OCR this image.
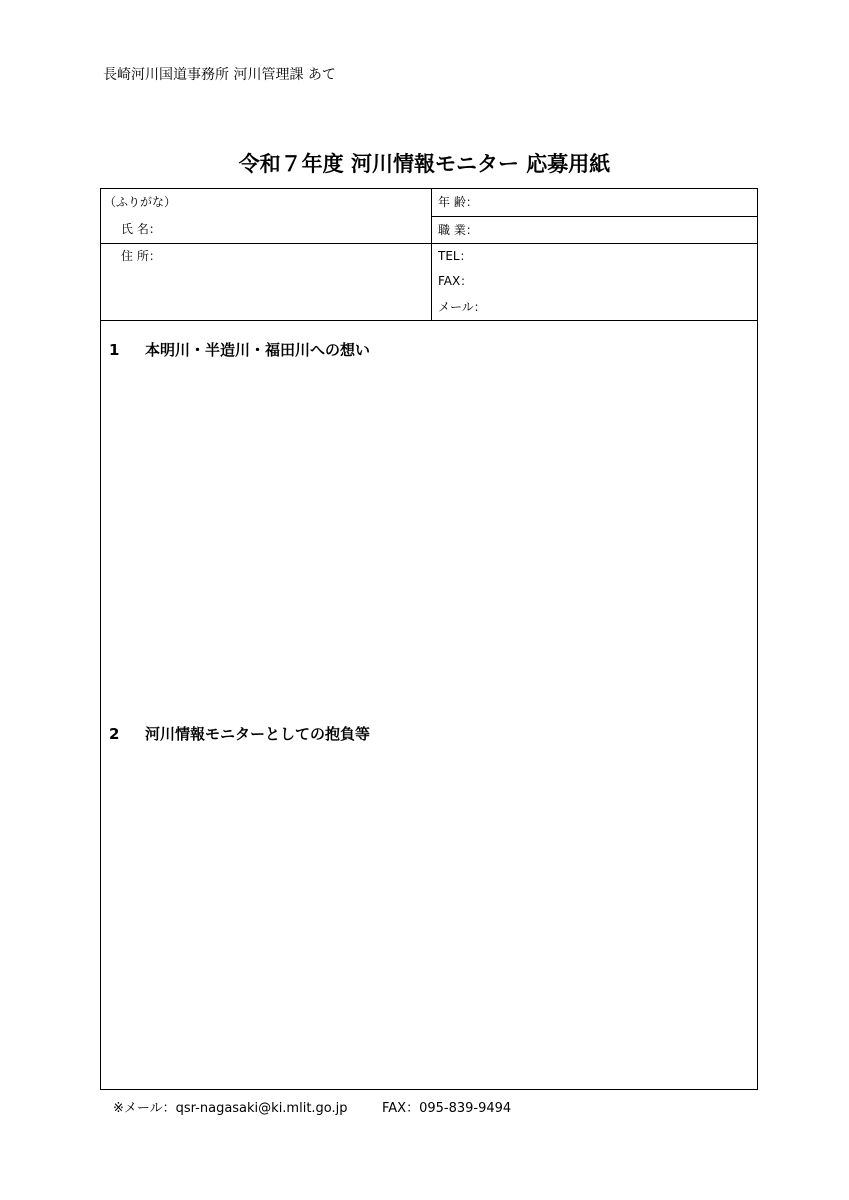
長崎河川国道事務所 河川管理課 あて
令和７年度 河川情報モニター 応募用紙
（ふりがな）
氏 名：
住 所：
年 齢：
職 業：
TEL：
FAX：
メール：
1 本明川・半造川・福田川への想い
2 河川情報モニターとしての抱負等
※メール：qsr-nagasaki@ki.mlit.go.jp	FAX：095-839-9494
